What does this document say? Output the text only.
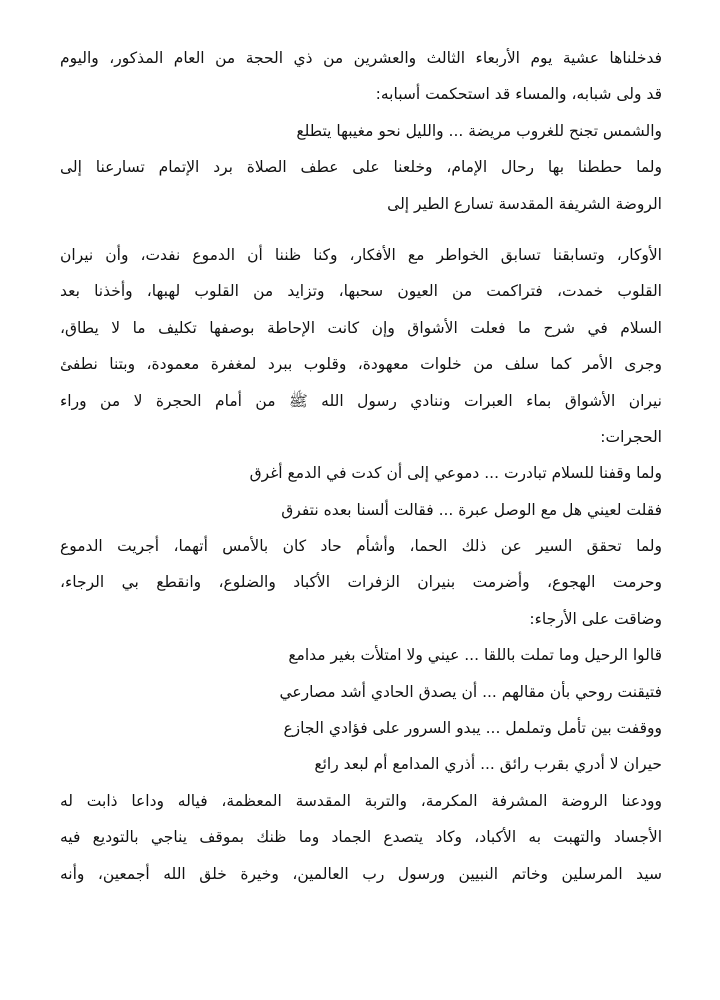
فدخلناها عشية يوم الأربعاء الثالث والعشرين من ذي الحجة من العام المذكور، واليوم
قد ولى شبابه، والمساء قد استحكمت أسبابه:
والشمس تجنح للغروب مريضة ... والليل نحو مغيبها يتطلع
ولما حططنا بها رحال الإمام، وخلعنا على عطف الصلاة برد الإتمام تسارعنا إلى
الروضة الشريفة المقدسة تسارع الطير إلى
الأوكار، وتسابقنا تسابق الخواطر مع الأفكار، وكنا ظننا أن الدموع نفدت، وأن نيران
القلوب خمدت، فتراكمت من العيون سحبها، وتزايد من القلوب لهبها، وأخذنا بعد
السلام في شرح ما فعلت الأشواق وإن كانت الإحاطة بوصفها تكليف ما لا يطاق،
وجرى الأمر كما سلف من خلوات معهودة، وقلوب ببرد لمغفرة معمودة، وبتنا نطفئ
نيران الأشواق بماء العبرات وننادي رسول الله ﷺ من أمام الحجرة لا من وراء
الحجرات:
ولما وقفنا للسلام تبادرت ... دموعي إلى أن كدت في الدمع أغرق
فقلت لعيني هل مع الوصل عبرة ... فقالت ألسنا بعده نتفرق
ولما تحقق السير عن ذلك الحما، وأشأم حاد كان بالأمس أتهما، أجريت الدموع
وحرمت الهجوع، وأضرمت بنيران الزفرات الأكباد والضلوع، وانقطع بي الرجاء،
وضاقت على الأرجاء:
قالوا الرحيل وما تملت باللقا ... عيني ولا امتلأت بغير مدامع
فتيقنت روحي بأن مقالهم ... أن يصدق الحادي أشد مصارعي
ووقفت بين تأمل وتململ ... يبدو السرور على فؤادي الجازع
حيران لا أدري بقرب رائق ... أذري المدامع أم لبعد رائع
وودعنا الروضة المشرفة المكرمة، والتربة المقدسة المعظمة، فياله وداعا ذابت له
الأجساد والتهبت به الأكباد، وكاد يتصدع الجماد وما ظنك بموقف يناجي بالتوديع فيه
سيد المرسلين وخاتم النبيين ورسول رب العالمين، وخيرة خلق الله أجمعين، وأنه
